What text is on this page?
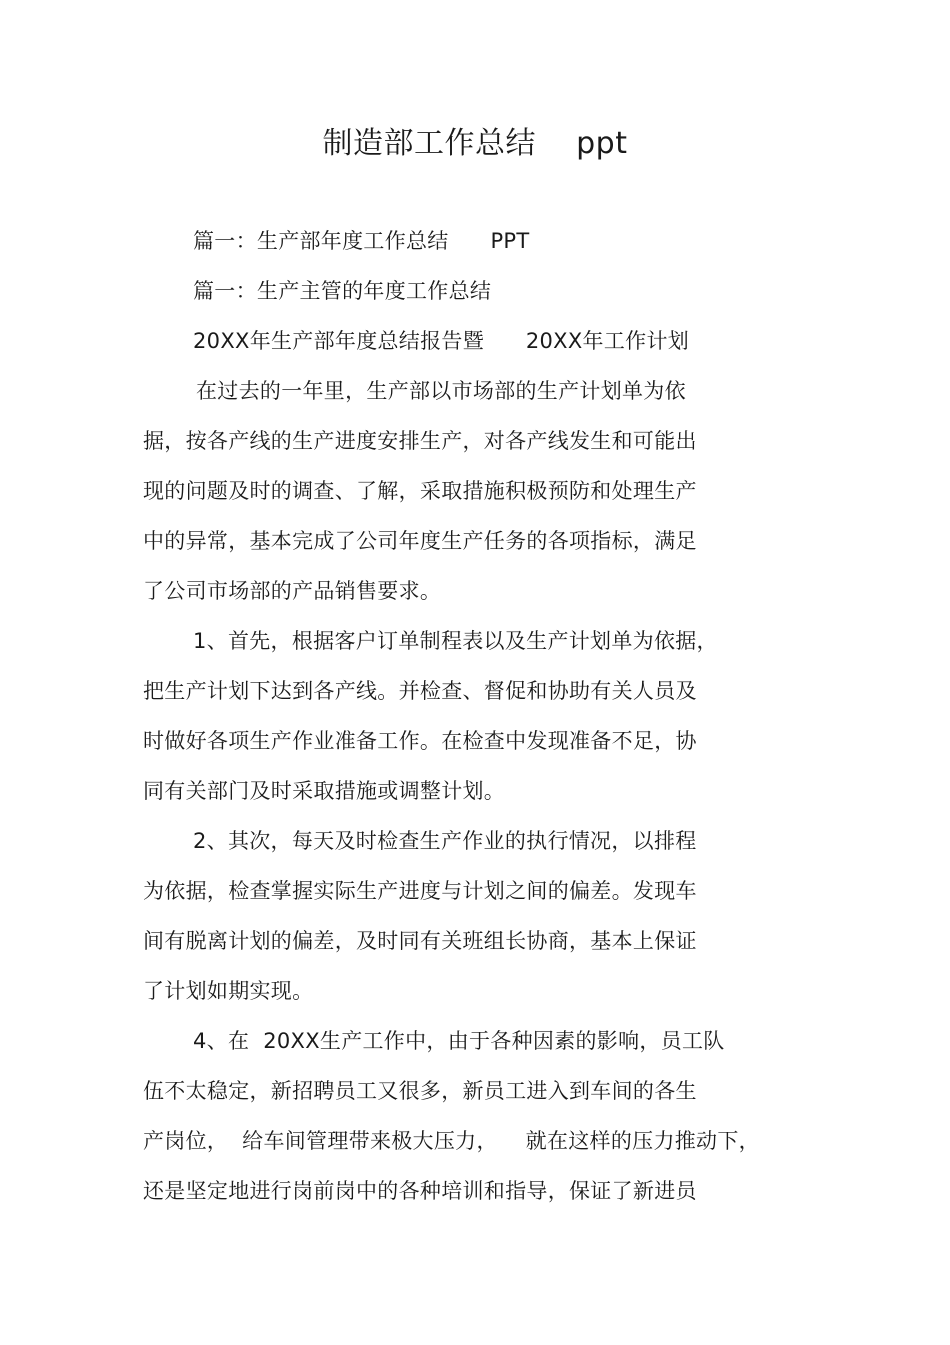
制造部工作总结    ppt
篇一：生产部年度工作总结      PPT
篇一：生产主管的年度工作总结
20XX年生产部年度总结报告暨      20XX年工作计划
在过去的一年里，生产部以市场部的生产计划单为依
据，按各产线的生产进度安排生产，对各产线发生和可能出
现的问题及时的调查、了解，采取措施积极预防和处理生产
中的异常，基本完成了公司年度生产任务的各项指标，满足
了公司市场部的产品销售要求。
1、首先，根据客户订单制程表以及生产计划单为依据，
把生产计划下达到各产线。并检查、督促和协助有关人员及
时做好各项生产作业准备工作。在检查中发现准备不足，协
同有关部门及时采取措施或调整计划。
2、其次，每天及时检查生产作业的执行情况，以排程
为依据，检查掌握实际生产进度与计划之间的偏差。发现车
间有脱离计划的偏差，及时同有关班组长协商，基本上保证
了计划如期实现。
4、在  20XX生产工作中，由于各种因素的影响，员工队
伍不太稳定，新招聘员工又很多，新员工进入到车间的各生
产岗位，  给车间管理带来极大压力，    就在这样的压力推动下，
还是坚定地进行岗前岗中的各种培训和指导，保证了新进员
